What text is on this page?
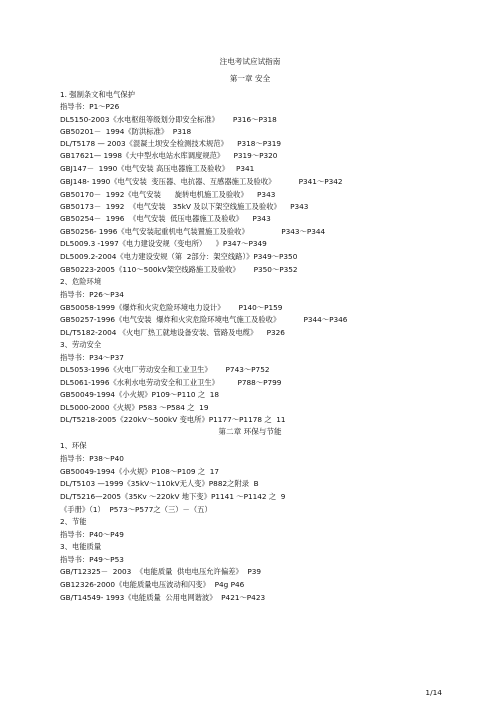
注电考试应试指南
第一章 安全
1. 强制条文和电气保护
指导书：P1～P26
DL5150-2003《水电枢纽等级划分即安全标准》      P316～P318
GB50201－  1994《防洪标准》  P318
DL/T5178 — 2003《混凝土坝安全检测技术规范》    P318～P319
GB17621— 1998《大中型水电站水库调度规范》    P319～P320
GBJ147－  1990《电气安装 高压电器施工及验收》   P341
GBJ148- 1990《电气安装  变压器、电抗器、互感器施工及验收》          P341～P342
GB50170－  1992《电气安装      旋转电机施工及验收》    P343
GB50173－  1992  《电气安装   35kV 及以下架空线施工及验收》    P343
GB50254－  1996  《电气安装  低压电器施工及验收》    P343
GB50256- 1996《电气安装起重机电气装置施工及验收》              P343～P344
DL5009.3 -1997《电力建设安规（变电所）    》P347～P349
DL5009.2-2004《电力建设安规（第  2部分：架空线路）》P349～P350
GB50223-2005《110～500kV架空线路施工及验收》      P350～P352
2、危险环境
指导书：P26～P34
GB50058-1999《爆炸和火灾危险环境电力设计》      P140～P159
GB50257-1996《电气安装  爆炸和火灾危险环境电气施工及验收》          P344～P346
DL/T5182-2004 《火电厂热工就地设备安装、管路及电缆》    P326
3、劳动安全
指导书：P34～P37
DL5053-1996《火电厂劳动安全和工业卫生》      P743～P752
DL5061-1996《水利水电劳动安全和工业卫生》        P788～P799
GB50049-1994《小火规》P109～P110 之  18
DL5000-2000《火规》P583 ～P584 之  19
DL/T5218-2005《220kV～500kV 变电所》P1177～P1178 之  11
第二章 环保与节能
1、环保
指导书：P38～P40
GB50049-1994《小火规》P108～P109 之  17
DL/T5103 —1999《35kV～110kV无人变》P882之附录  B
DL/T5216—2005《35Kv ～220kV 地下变》P1141 ～P1142 之  9
《手册》（1）  P573～P577之（三）－（五）
2、节能
指导书：P40～P49
3、电能质量
指导书：P49～P53
GB/T12325－  2003  《电能质量  供电电压允许偏差》  P39
GB12326-2000《电能质量电压波动和闪变》  P4g P46
GB/T14549- 1993《电能质量  公用电网谐波》  P421～P423
1/14
